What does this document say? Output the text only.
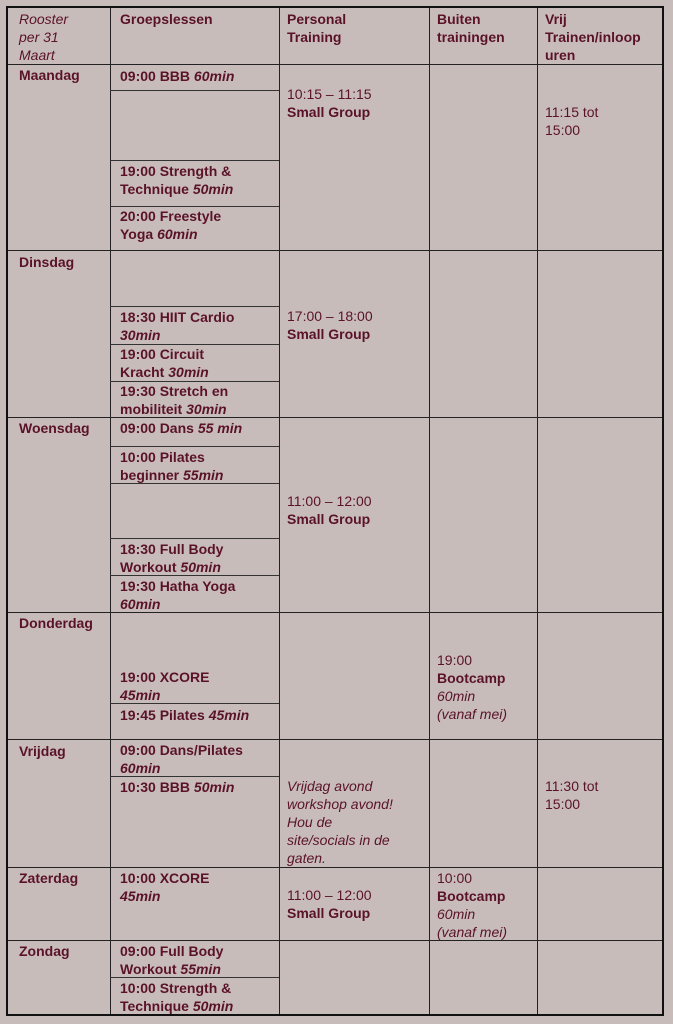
Rooster
per 31
Maart
Groepslessen	Personal
Training
Buiten
trainingen
Vrij
Trainen/inloop
uren
Maandag
Dinsdag
Woensdag
Donderdag
Vrijdag
Zaterdag
Zondag
09:00 BBB 60min
19:00 Strength &
Technique 50min
20:00 Freestyle
Yoga 60min
18:30 HIIT Cardio
30min
19:00 Circuit
Kracht 30min
19:30 Stretch en
mobiliteit 30min
09:00 Dans 55 min
10:00 Pilates
beginner 55min
18:30 Full Body
Workout 50min
19:30 Hatha Yoga
60min
19:00 XCORE
45min
19:45 Pilates 45min
09:00 Dans/Pilates
60min
10:30 BBB 50min
10:00 XCORE
45min
09:00 Full Body
Workout 55min
10:00 Strength &
Technique 50min
10:15 – 11:15
Small Group
17:00 – 18:00
Small Group
11:00 – 12:00
Small Group
Vrijdag avond
workshop avond!
Hou de
site/socials in de
gaten.
11:00 – 12:00
Small Group
19:00
Bootcamp
60min
(vanaf mei)
10:00
Bootcamp
60min
(vanaf mei)
11:15 tot
15:00
11:30 tot
15:00
